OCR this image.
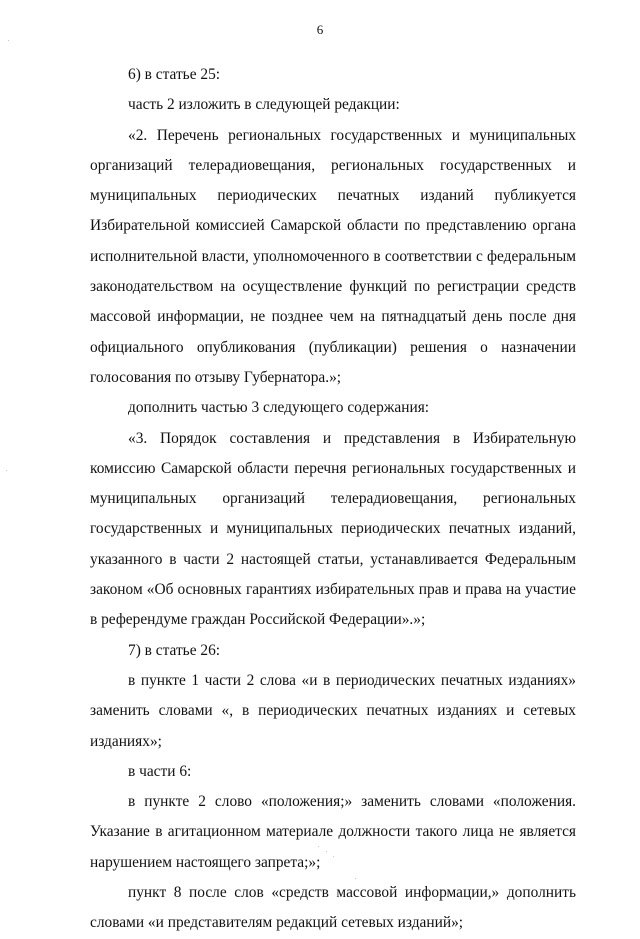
6

6) в статье 25:

часть 2 изложить в следующей редакции:

«2. Перечень региональных государственных и муниципальных организаций телерадиовещания, региональных государственных и муниципальных периодических печатных изданий публикуется Избирательной комиссией Самарской области по представлению органа исполнительной власти, уполномоченного в соответствии с федеральным законодательством на осуществление функций по регистрации средств массовой информации, не позднее чем на пятнадцатый день после дня официального опубликования (публикации) решения о назначении голосования по отзыву Губернатора.»;

дополнить частью 3 следующего содержания:

«3. Порядок составления и представления в Избирательную комиссию Самарской области перечня региональных государственных и муниципальных организаций телерадиовещания, региональных государственных и муниципальных периодических печатных изданий, указанного в части 2 настоящей статьи, устанавливается Федеральным законом «Об основных гарантиях избирательных прав и права на участие в референдуме граждан Российской Федерации».»;

7) в статье 26:

в пункте 1 части 2 слова «и в периодических печатных изданиях» заменить словами «, в периодических печатных изданиях и сетевых изданиях»;

в части 6:

в пункте 2 слово «положения;» заменить словами «положения. Указание в агитационном материале должности такого лица не является нарушением настоящего запрета;»;

пункт 8 после слов «средств массовой информации,» дополнить словами «и представителям редакций сетевых изданий»;
